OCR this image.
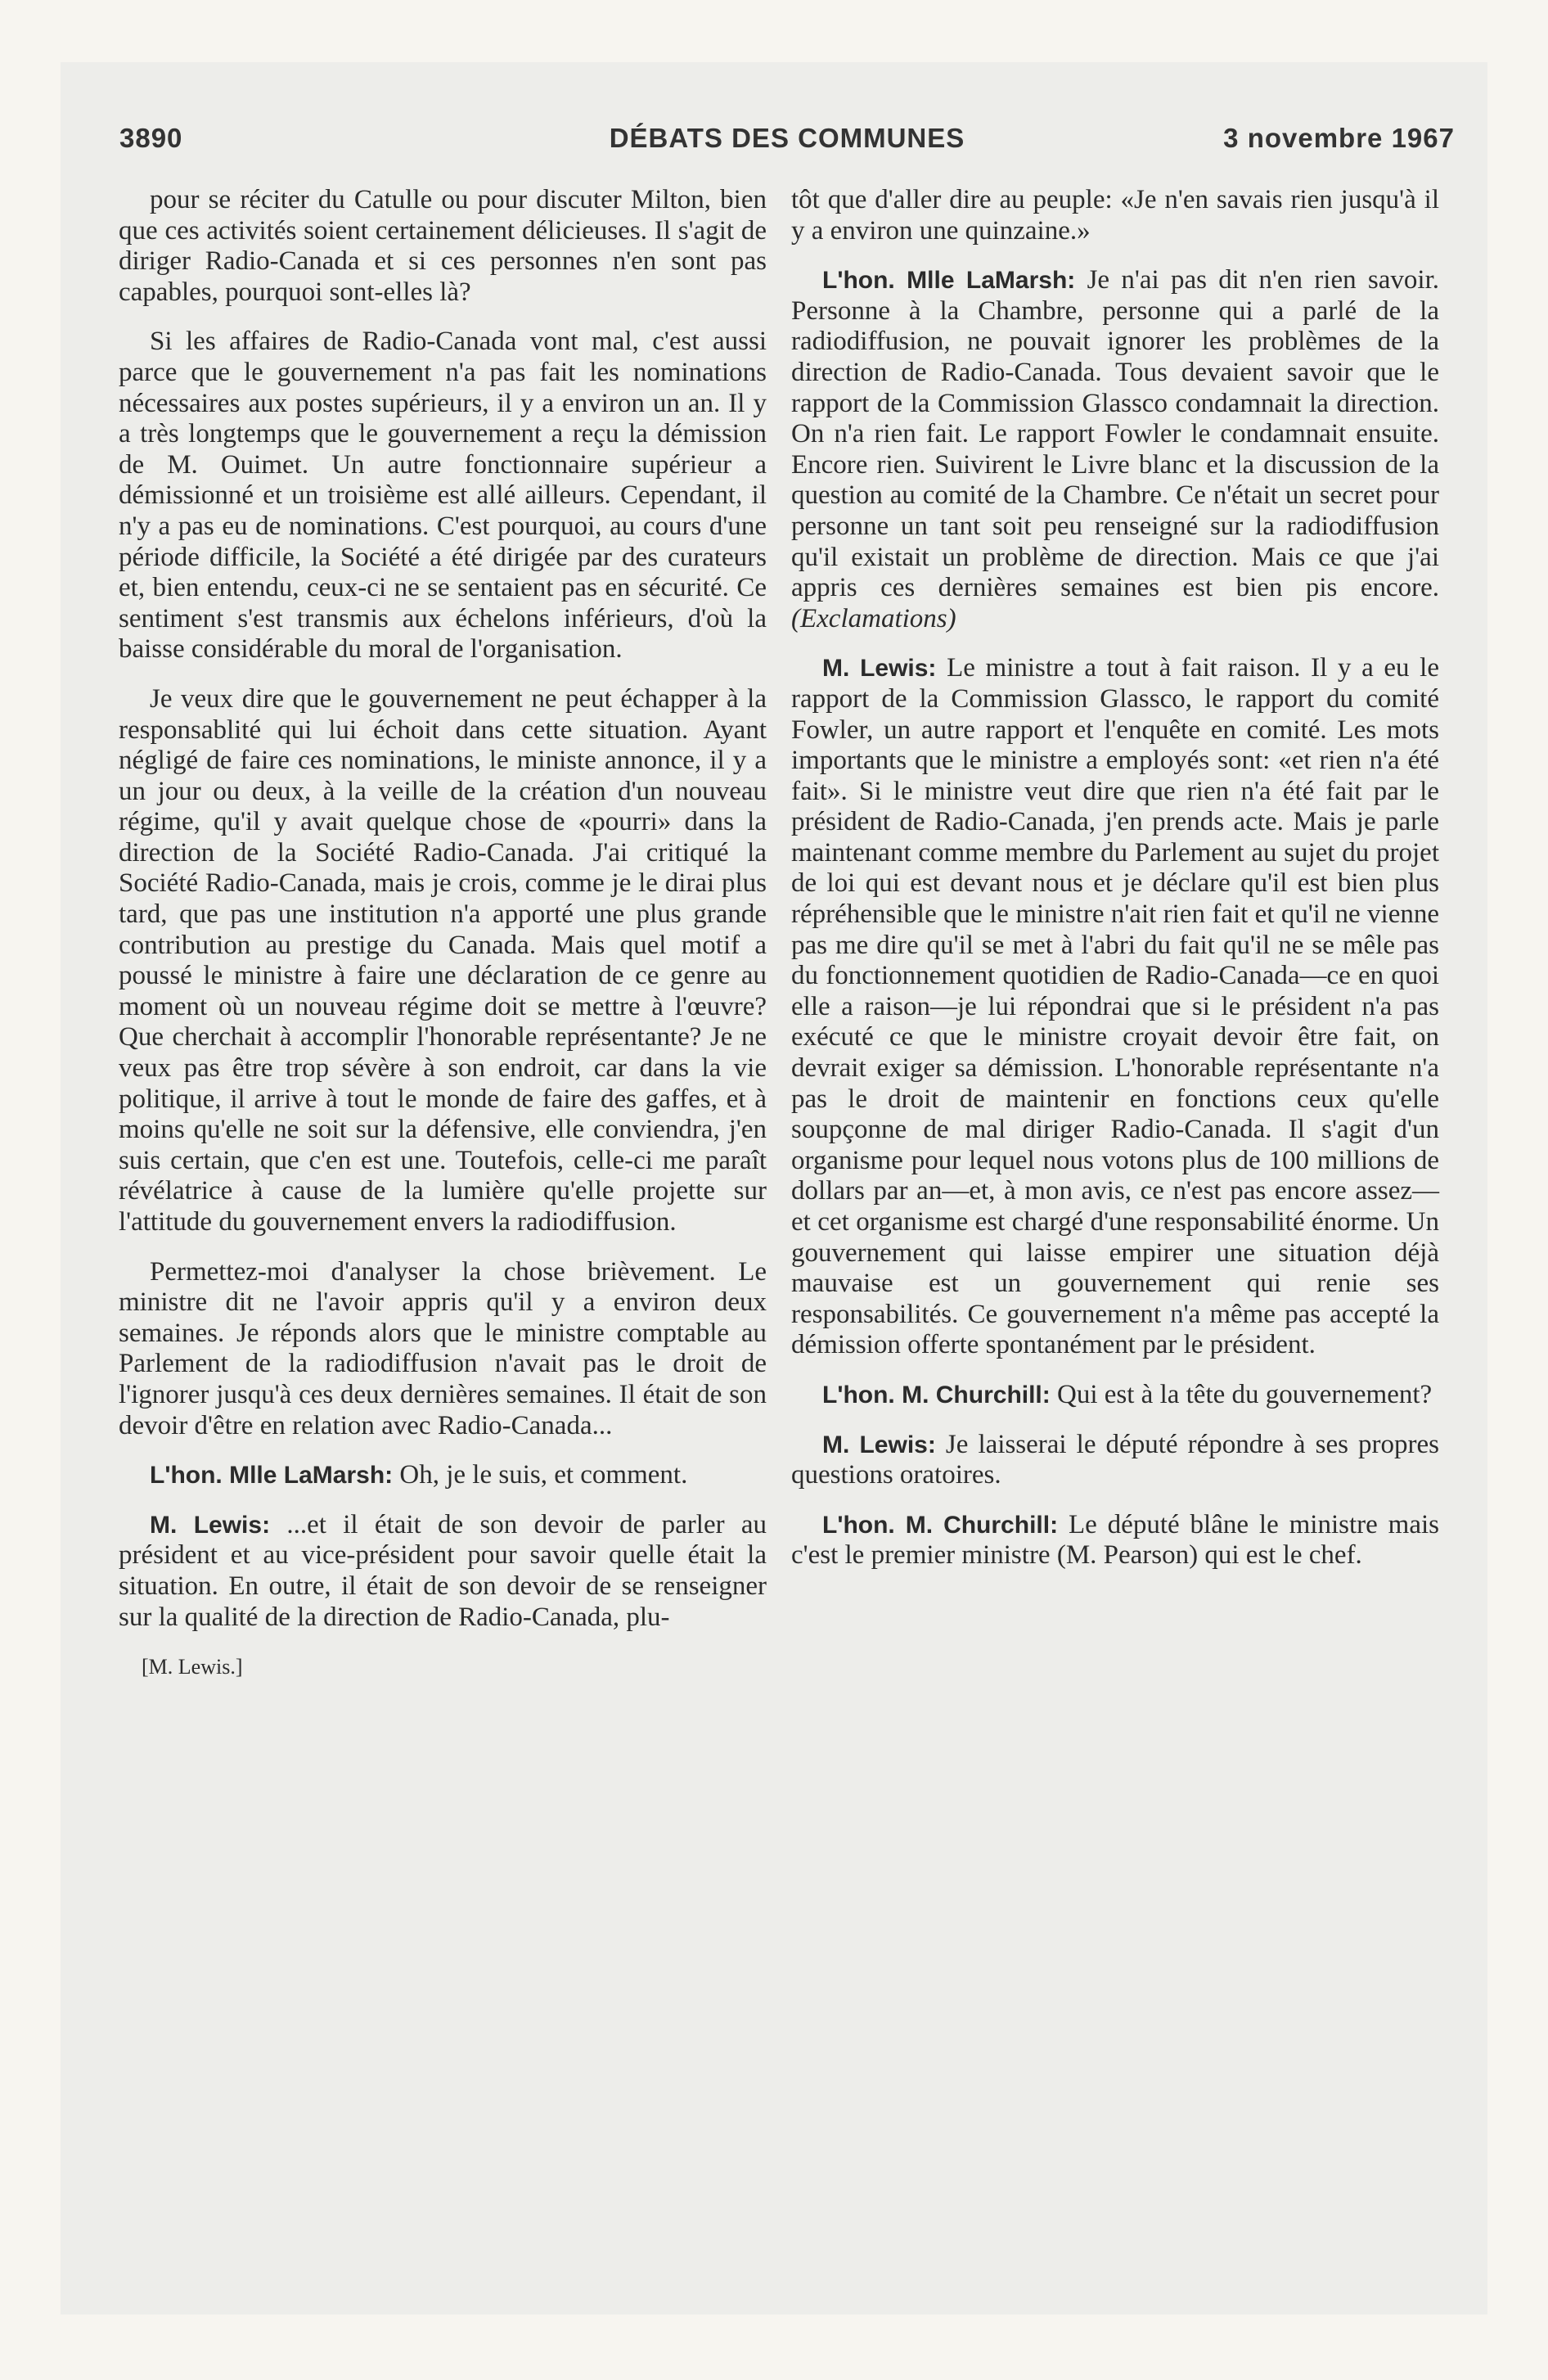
3890	DÉBATS DES COMMUNES	3 novembre 1967

pour se réciter du Catulle ou pour discuter Milton, bien que ces activités soient certainement délicieuses. Il s'agit de diriger Radio-Canada et si ces personnes n'en sont pas capables, pourquoi sont-elles là?

Si les affaires de Radio-Canada vont mal, c'est aussi parce que le gouvernement n'a pas fait les nominations nécessaires aux postes supérieurs, il y a environ un an. Il y a très longtemps que le gouvernement a reçu la démission de M. Ouimet. Un autre fonctionnaire supérieur a démissionné et un troisième est allé ailleurs. Cependant, il n'y a pas eu de nominations. C'est pourquoi, au cours d'une période difficile, la Société a été dirigée par des curateurs et, bien entendu, ceux-ci ne se sentaient pas en sécurité. Ce sentiment s'est transmis aux échelons inférieurs, d'où la baisse considérable du moral de l'organisation.

Je veux dire que le gouvernement ne peut échapper à la responsablité qui lui échoit dans cette situation. Ayant négligé de faire ces nominations, le ministe annonce, il y a un jour ou deux, à la veille de la création d'un nouveau régime, qu'il y avait quelque chose de «pourri» dans la direction de la Société Radio-Canada. J'ai critiqué la Société Radio-Canada, mais je crois, comme je le dirai plus tard, que pas une institution n'a apporté une plus grande contribution au prestige du Canada. Mais quel motif a poussé le ministre à faire une déclaration de ce genre au moment où un nouveau régime doit se mettre à l'œuvre? Que cherchait à accomplir l'honorable représentante? Je ne veux pas être trop sévère à son endroit, car dans la vie politique, il arrive à tout le monde de faire des gaffes, et à moins qu'elle ne soit sur la défensive, elle conviendra, j'en suis certain, que c'en est une. Toutefois, celle-ci me paraît révélatrice à cause de la lumière qu'elle projette sur l'attitude du gouvernement envers la radiodiffusion.

Permettez-moi d'analyser la chose brièvement. Le ministre dit ne l'avoir appris qu'il y a environ deux semaines. Je réponds alors que le ministre comptable au Parlement de la radiodiffusion n'avait pas le droit de l'ignorer jusqu'à ces deux dernières semaines. Il était de son devoir d'être en relation avec Radio-Canada...

L'hon. Mlle LaMarsh: Oh, je le suis, et comment.

M. Lewis: ...et il était de son devoir de parler au président et au vice-président pour savoir quelle était la situation. En outre, il était de son devoir de se renseigner sur la qualité de la direction de Radio-Canada, plu-

[M. Lewis.]

tôt que d'aller dire au peuple: «Je n'en savais rien jusqu'à il y a environ une quinzaine.»

L'hon. Mlle LaMarsh: Je n'ai pas dit n'en rien savoir. Personne à la Chambre, personne qui a parlé de la radiodiffusion, ne pouvait ignorer les problèmes de la direction de Radio-Canada. Tous devaient savoir que le rapport de la Commission Glassco condamnait la direction. On n'a rien fait. Le rapport Fowler le condamnait ensuite. Encore rien. Suivirent le Livre blanc et la discussion de la question au comité de la Chambre. Ce n'était un secret pour personne un tant soit peu renseigné sur la radiodiffusion qu'il existait un problème de direction. Mais ce que j'ai appris ces dernières semaines est bien pis encore. (Exclamations)

M. Lewis: Le ministre a tout à fait raison. Il y a eu le rapport de la Commission Glassco, le rapport du comité Fowler, un autre rapport et l'enquête en comité. Les mots importants que le ministre a employés sont: «et rien n'a été fait». Si le ministre veut dire que rien n'a été fait par le président de Radio-Canada, j'en prends acte. Mais je parle maintenant comme membre du Parlement au sujet du projet de loi qui est devant nous et je déclare qu'il est bien plus répréhensible que le ministre n'ait rien fait et qu'il ne vienne pas me dire qu'il se met à l'abri du fait qu'il ne se mêle pas du fonctionnement quotidien de Radio-Canada—ce en quoi elle a raison—je lui répondrai que si le président n'a pas exécuté ce que le ministre croyait devoir être fait, on devrait exiger sa démission. L'honorable représentante n'a pas le droit de maintenir en fonctions ceux qu'elle soupçonne de mal diriger Radio-Canada. Il s'agit d'un organisme pour lequel nous votons plus de 100 millions de dollars par an—et, à mon avis, ce n'est pas encore assez—et cet organisme est chargé d'une responsabilité énorme. Un gouvernement qui laisse empirer une situation déjà mauvaise est un gouvernement qui renie ses responsabilités. Ce gouvernement n'a même pas accepté la démission offerte spontanément par le président.

L'hon. M. Churchill: Qui est à la tête du gouvernement?

M. Lewis: Je laisserai le député répondre à ses propres questions oratoires.

L'hon. M. Churchill: Le député blâne le ministre mais c'est le premier ministre (M. Pearson) qui est le chef.
